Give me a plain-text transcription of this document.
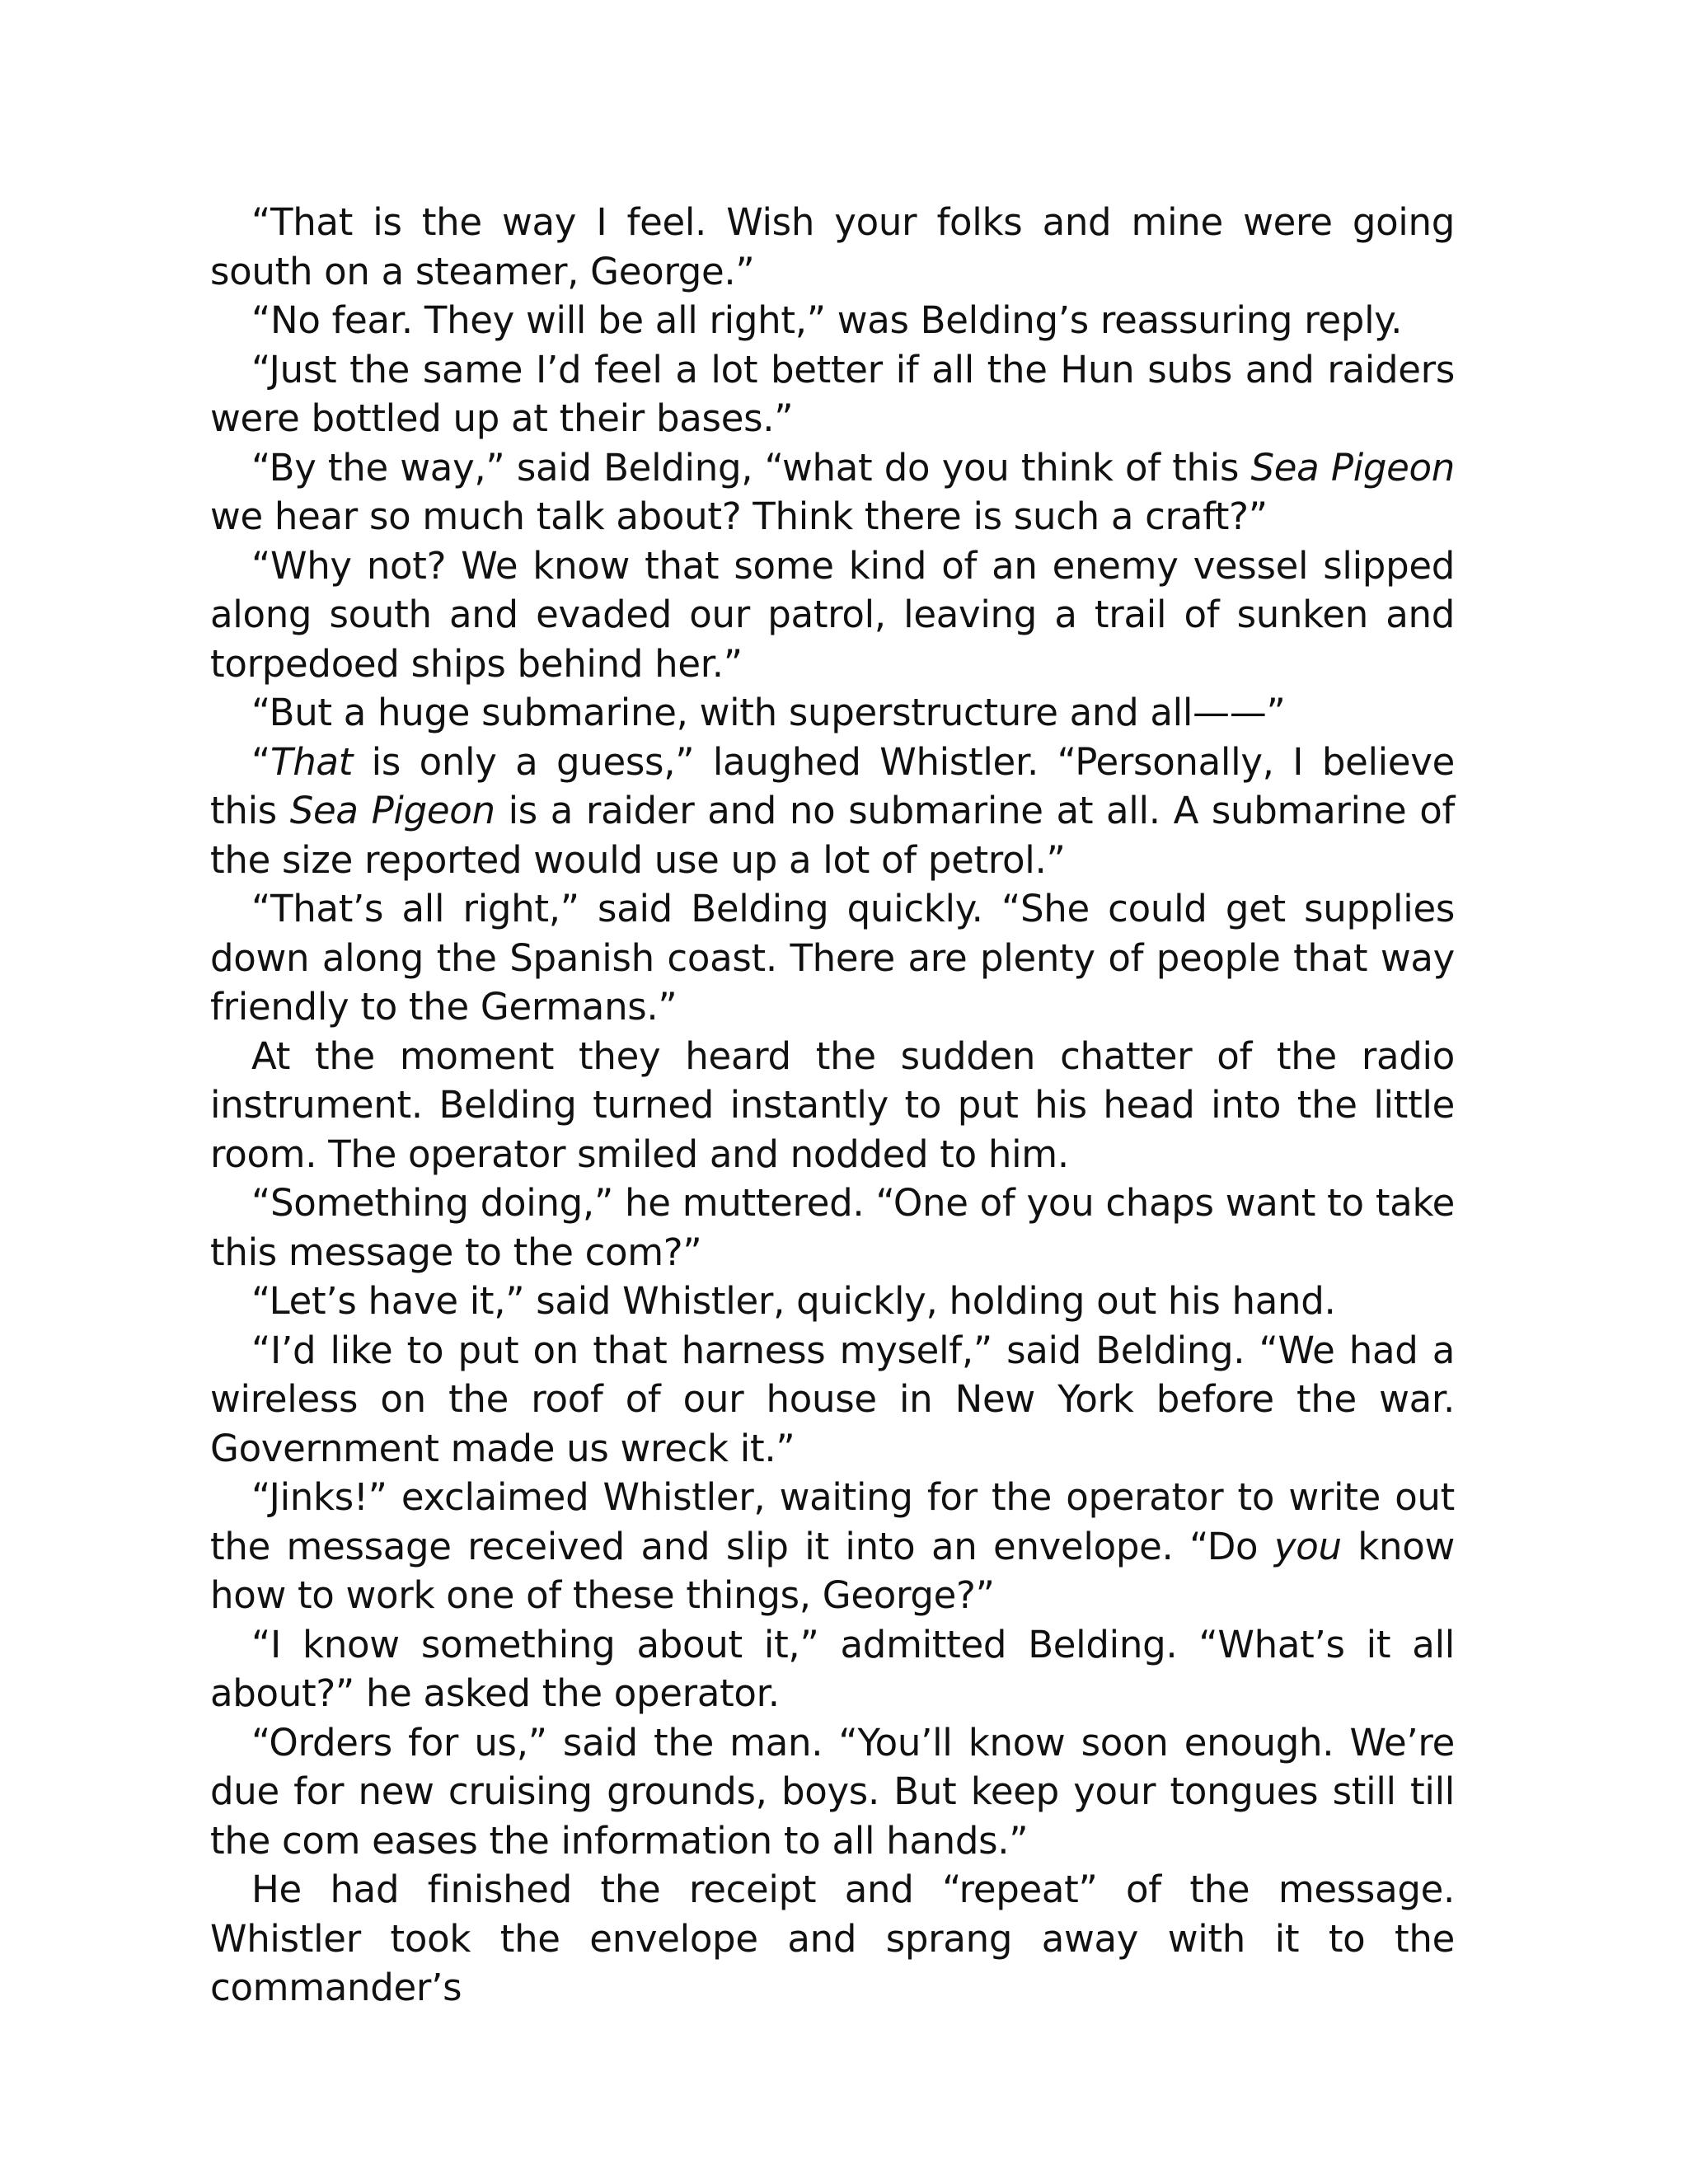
“That is the way I feel. Wish your folks and mine were going south on a steamer, George.”

“No fear. They will be all right,” was Belding’s reassuring reply.

“Just the same I’d feel a lot better if all the Hun subs and raiders were bottled up at their bases.”

“By the way,” said Belding, “what do you think of this Sea Pigeon we hear so much talk about? Think there is such a craft?”

“Why not? We know that some kind of an enemy vessel slipped along south and evaded our patrol, leaving a trail of sunken and torpedoed ships behind her.”

“But a huge submarine, with superstructure and all——”

“That is only a guess,” laughed Whistler. “Personally, I believe this Sea Pigeon is a raider and no submarine at all. A submarine of the size reported would use up a lot of petrol.”

“That’s all right,” said Belding quickly. “She could get supplies down along the Spanish coast. There are plenty of people that way friendly to the Germans.”

At the moment they heard the sudden chatter of the radio instrument. Belding turned instantly to put his head into the little room. The operator smiled and nodded to him.

“Something doing,” he muttered. “One of you chaps want to take this message to the com?”

“Let’s have it,” said Whistler, quickly, holding out his hand.

“I’d like to put on that harness myself,” said Belding. “We had a wireless on the roof of our house in New York before the war. Government made us wreck it.”

“Jinks!” exclaimed Whistler, waiting for the operator to write out the message received and slip it into an envelope. “Do you know how to work one of these things, George?”

“I know something about it,” admitted Belding. “What’s it all about?” he asked the operator.

“Orders for us,” said the man. “You’ll know soon enough. We’re due for new cruising grounds, boys. But keep your tongues still till the com eases the information to all hands.”

He had finished the receipt and “repeat” of the message. Whistler took the envelope and sprang away with it to the commander’s
